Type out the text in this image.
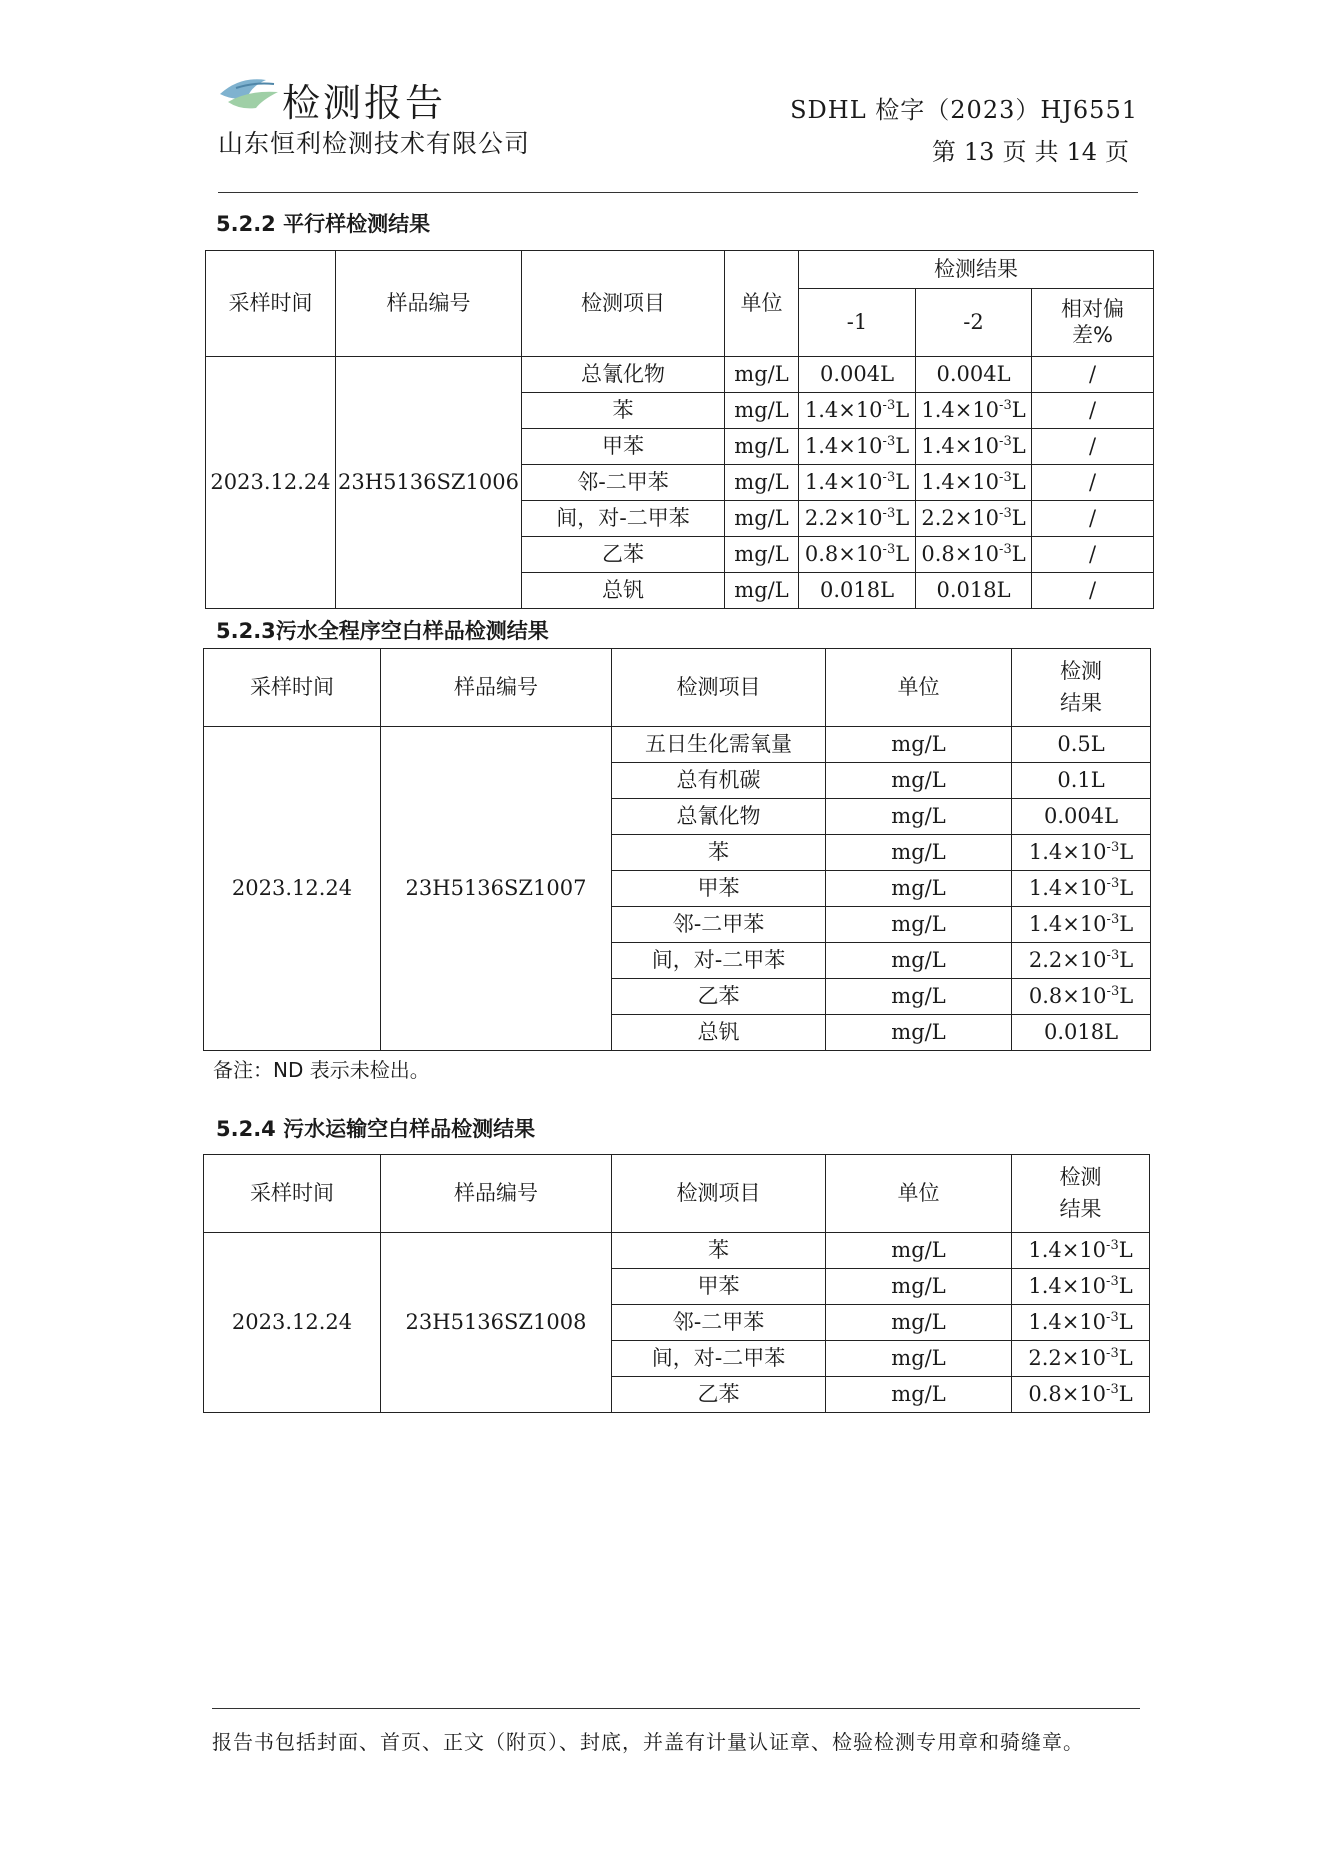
检测报告
山东恒利检测技术有限公司
SDHL 检字（2023）HJ6551
第 13 页 共 14 页
5.2.2 平行样检测结果
采样时间	样品编号	检测项目	单位	检测结果		
				-1	-2	相对偏差%
2023.12.24	23H5136SZ1006	总氰化物	mg/L	0.004L	0.004L	/
		苯	mg/L	$1.4\times 10^{-3}L$	$1.4\times 10^{-3}L$	/
		甲苯	mg/L	$1.4\times 10^{-3}L$	$1.4\times 10^{-3}L$	/
		邻-二甲苯	mg/L	$1.4\times 10^{-3}L$	$1.4\times 10^{-3}L$	/
		间，对-二甲苯	mg/L	$2.2\times 10^{-3}L$	$2.2\times 10^{-3}L$	/
		乙苯	mg/L	$0.8\times 10^{-3}L$	$0.8\times 10^{-3}L$	/
		总钒	mg/L	0.018L	0.018L	/
5.2.3污水全程序空白样品检测结果
采样时间	样品编号	检测项目	单位	检测结果
2023.12.24	23H5136SZ1007	五日生化需氧量	mg/L	0.5L
		总有机碳	mg/L	0.1L
		总氰化物	mg/L	0.004L
		苯	mg/L	$1.4\times 10^{-3}L$
		甲苯	mg/L	$1.4\times 10^{-3}L$
		邻-二甲苯	mg/L	$1.4\times 10^{-3}L$
		间，对-二甲苯	mg/L	$2.2\times 10^{-3}L$
		乙苯	mg/L	$0.8\times 10^{-3}L$
		总钒	mg/L	0.018L
备注：ND 表示未检出。
5.2.4 污水运输空白样品检测结果
采样时间	样品编号	检测项目	单位	检测结果
2023.12.24	23H5136SZ1008	苯	mg/L	$1.4\times 10^{-3}L$
		甲苯	mg/L	$1.4\times 10^{-3}L$
		邻-二甲苯	mg/L	$1.4\times 10^{-3}L$
		间，对-二甲苯	mg/L	$2.2\times 10^{-3}L$
		乙苯	mg/L	$0.8\times 10^{-3}L$
报告书包括封面、首页、正文（附页）、封底，并盖有计量认证章、检验检测专用章和骑缝章。
